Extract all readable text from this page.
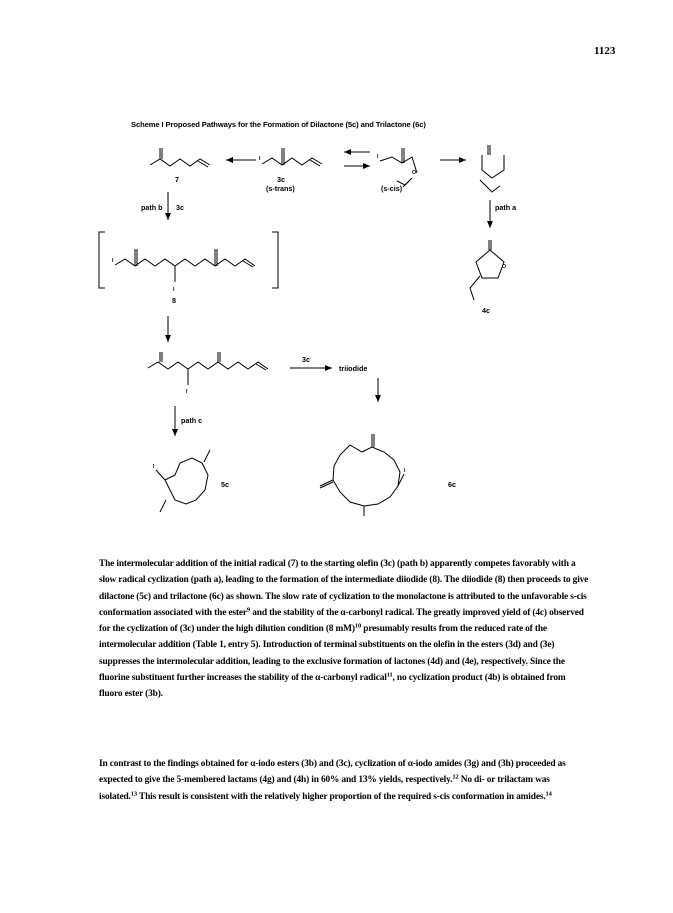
1123
Scheme I Proposed Pathways for the Formation of Dilactone (5c) and Trilactone (6c)
7	3c
(s-trans)	(s-cis)
path b 3c	path a
4c
8
3c
triiodide
path c
5c	6c
I	I
I
I
I
I
I
O
O

The intermolecular addition of the initial radical (7) to the starting olefin (3c) (path b) apparently competes favorably with a slow radical cyclization (path a), leading to the formation of the intermediate diiodide (8). The diiodide (8) then proceeds to give dilactone (5c) and trilactone (6c) as shown. The slow rate of cyclization to the monolactone is attributed to the unfavorable s-cis conformation associated with the ester$^9$ and the stability of the α-carbonyl radical. The greatly improved yield of (4c) observed for the cyclization of (3c) under the high dilution condition (8 mM)$^{10}$ presumably results from the reduced rate of the intermolecular addition (Table 1, entry 5). Introduction of terminal substituents on the olefin in the esters (3d) and (3e) suppresses the intermolecular addition, leading to the exclusive formation of lactones (4d) and (4e), respectively. Since the fluorine substituent further increases the stability of the α-carbonyl radical$^{11}$, no cyclization product (4b) is obtained from fluoro ester (3b).

In contrast to the findings obtained for α-iodo esters (3b) and (3c), cyclization of α-iodo amides (3g) and (3h) proceeded as expected to give the 5-membered lactams (4g) and (4h) in 60% and 13% yields, respectively.$^{12}$ No di- or trilactam was isolated.$^{13}$ This result is consistent with the relatively higher proportion of the required s-cis conformation in amides.$^{14}$
